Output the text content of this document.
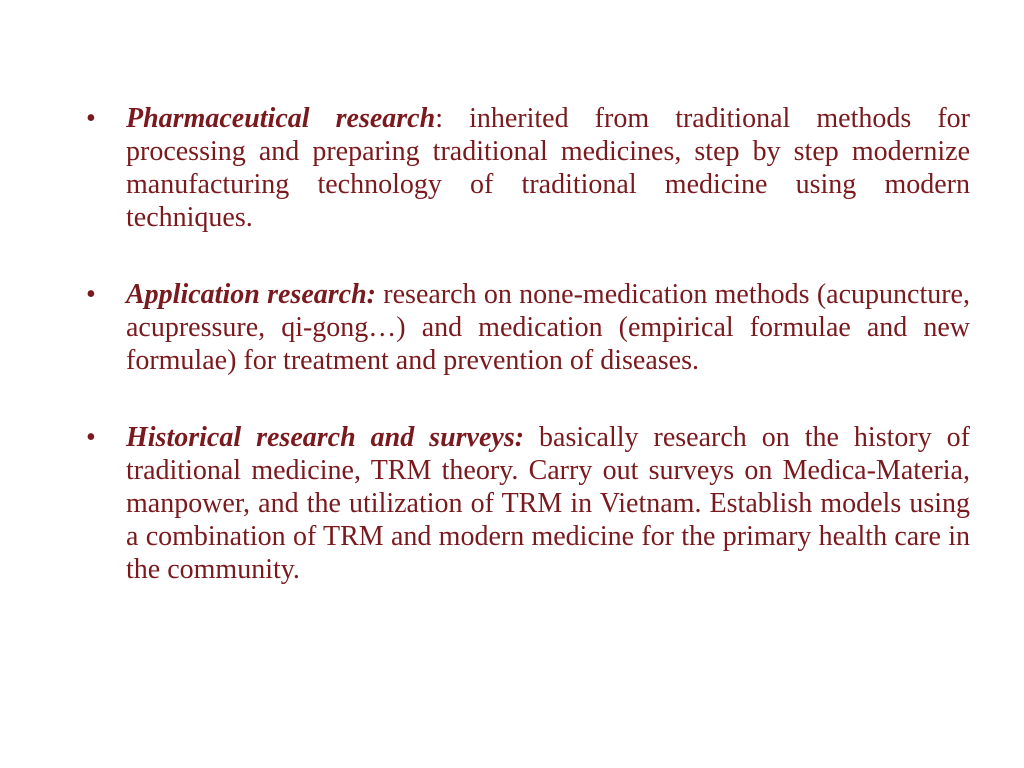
•	Pharmaceutical research: inherited from traditional methods for processing and preparing traditional medicines, step by step modernize manufacturing technology of traditional medicine using modern techniques.
•	Application research: research on none-medication methods (acupuncture, acupressure, qi-gong…) and medication (empirical formulae and new formulae) for treatment and prevention of diseases.
•	Historical research and surveys: basically research on the history of traditional medicine, TRM theory. Carry out surveys on Medica-Materia, manpower, and the utilization of TRM in Vietnam. Establish models using a combination of TRM and modern medicine for the primary health care in the community.
